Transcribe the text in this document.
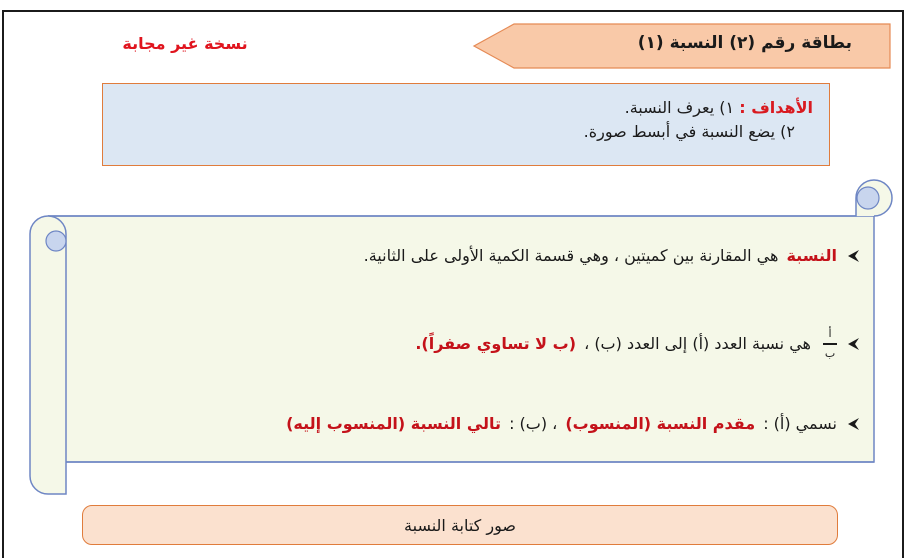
بطاقة رقم (٢) النسبة (١)
نسخة غير مجابة
الأهداف : ١) يعرف النسبة.
٢) يضع النسبة في أبسط صورة.
النسبة
هي المقارنة بين كميتين ، وهي قسمة الكمية الأولى على الثانية.
$\frac{\text{أ}}{\text{ب}}$
هي نسبة العدد (أ) إلى العدد (ب) ،
(ب لا تساوي صفراً).
نسمي (أ) :
مقدم النسبة (المنسوب)
، (ب) :
تالي النسبة (المنسوب إليه)
صور كتابة النسبة
